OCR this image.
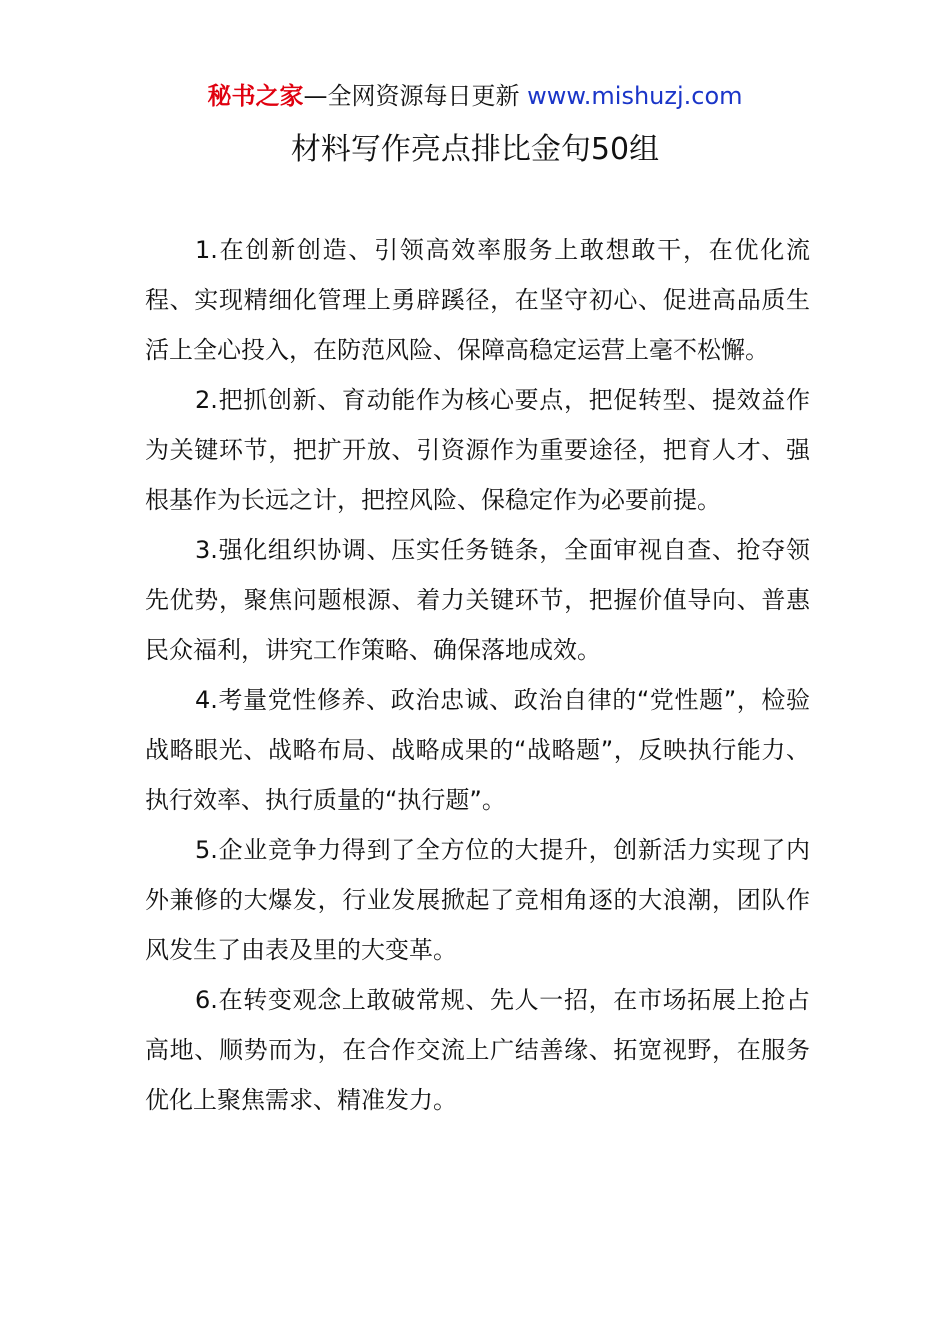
秘书之家—全网资源每日更新 www.mishuzj.com
材料写作亮点排比金句50组

1.在创新创造、引领高效率服务上敢想敢干，在优化流程、实现精细化管理上勇辟蹊径，在坚守初心、促进高品质生活上全心投入，在防范风险、保障高稳定运营上毫不松懈。

2.把抓创新、育动能作为核心要点，把促转型、提效益作为关键环节，把扩开放、引资源作为重要途径，把育人才、强根基作为长远之计，把控风险、保稳定作为必要前提。

3.强化组织协调、压实任务链条，全面审视自查、抢夺领先优势，聚焦问题根源、着力关键环节，把握价值导向、普惠民众福利，讲究工作策略、确保落地成效。

4.考量党性修养、政治忠诚、政治自律的“党性题”，检验战略眼光、战略布局、战略成果的“战略题”，反映执行能力、执行效率、执行质量的“执行题”。

5.企业竞争力得到了全方位的大提升，创新活力实现了内外兼修的大爆发，行业发展掀起了竞相角逐的大浪潮，团队作风发生了由表及里的大变革。

6.在转变观念上敢破常规、先人一招，在市场拓展上抢占高地、顺势而为，在合作交流上广结善缘、拓宽视野，在服务优化上聚焦需求、精准发力。
